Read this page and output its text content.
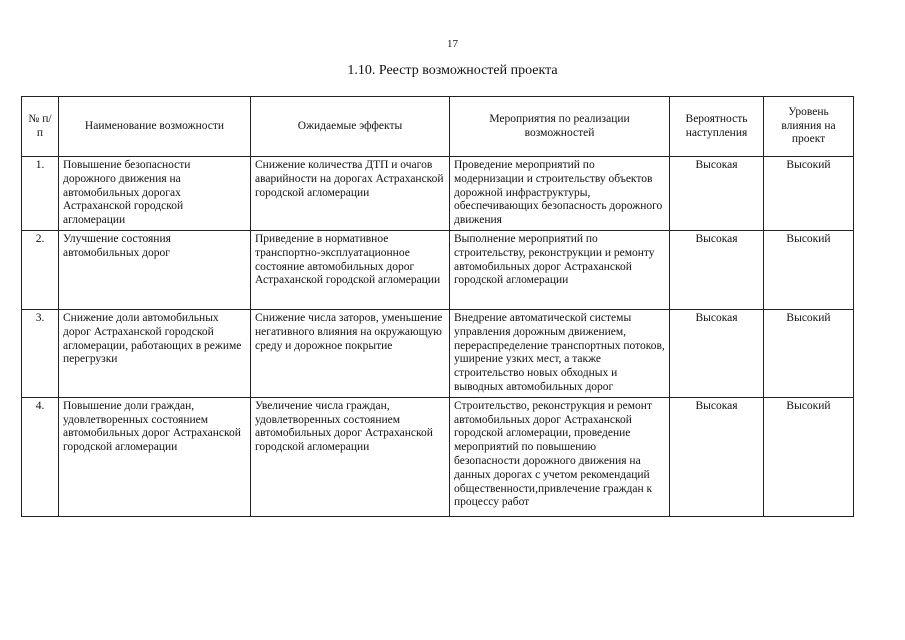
17
1.10. Реестр возможностей проекта
№ п/п	Наименование возможности	Ожидаемые эффекты	Мероприятия по реализации возможностей	Вероятность наступления	Уровень влияния на проект
1.	Повышение безопасности дорожного движения на автомобильных дорогах Астраханской городской агломерации	Снижение количества ДТП и очагов аварийности на дорогах Астраханской городской агломерации	Проведение мероприятий по модернизации и строительству объектов дорожной инфраструктуры, обеспечивающих безопасность дорожного движения	Высокая	Высокий
2.	Улучшение состояния автомобильных дорог	Приведение в нормативное транспортно-эксплуатационное состояние автомобильных дорог Астраханской городской агломерации	Выполнение мероприятий по строительству, реконструкции и ремонту автомобильных дорог Астраханской городской агломерации	Высокая	Высокий
3.	Снижение доли автомобильных дорог Астраханской городской агломерации, работающих в режиме перегрузки	Снижение числа заторов, уменьшение негативного влияния на окружающую среду и дорожное покрытие	Внедрение автоматической системы управления дорожным движением, перераспределение транспортных потоков, уширение узких мест, а также строительство новых обходных и выводных автомобильных дорог	Высокая	Высокий
4.	Повышение доли граждан, удовлетворенных состоянием автомобильных дорог Астраханской городской агломерации	Увеличение числа граждан, удовлетворенных состоянием автомобильных дорог Астраханской городской агломерации	Строительство, реконструкция и ремонт автомобильных дорог Астраханской городской агломерации, проведение мероприятий по повышению безопасности дорожного движения на данных дорогах с учетом рекомендаций общественности,привлечение граждан к процессу работ	Высокая	Высокий
